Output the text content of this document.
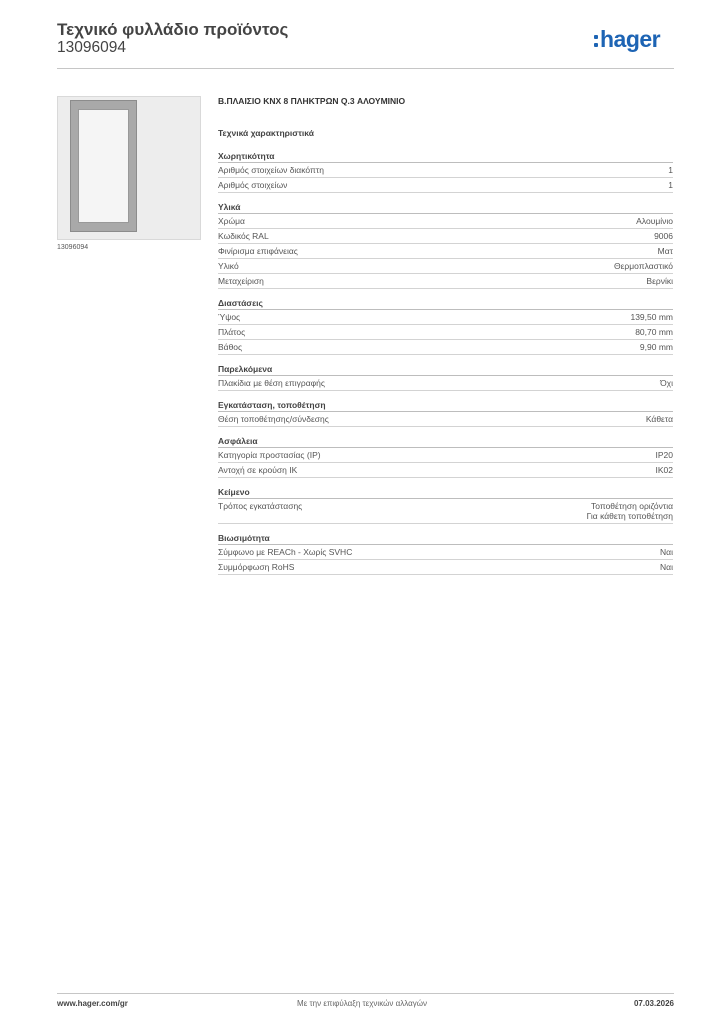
Τεχνικό φυλλάδιο προϊόντος
13096094	hager
13096094
Β.ΠΛΑΙΣΙΟ KNX 8 ΠΛΗΚΤΡΩΝ Q.3 ΑΛΟΥΜΙΝΙΟ
Τεχνικά χαρακτηριστικά
Χωρητικότητα
Αριθμός στοιχείων διακόπτη	1
Αριθμός στοιχείων	1
Υλικά
Χρώμα	Αλουμίνιο
Κωδικός RAL	9006
Φινίρισμα επιφάνειας	Ματ
Υλικό	Θερμοπλαστικό
Μεταχείριση	Βερνίκι
Διαστάσεις
Ύψος	139,50 mm
Πλάτος	80,70 mm
Βάθος	9,90 mm
Παρελκόμενα
Πλακίδια με θέση επιγραφής	Όχι
Εγκατάσταση, τοποθέτηση
Θέση τοποθέτησης/σύνδεσης	Κάθετα
Ασφάλεια
Κατηγορία προστασίας (IP)	IP20
Αντοχή σε κρούση IK	IK02
Κείμενο
Τρόπος εγκατάστασης	Τοποθέτηση οριζόντια
Για κάθετη τοποθέτηση
Βιωσιμότητα
Σύμφωνο με REACh - Χωρίς SVHC	Ναι
Συμμόρφωση RoHS	Ναι
www.hager.com/gr	Με την επιφύλαξη τεχνικών αλλαγών	07.03.2026
